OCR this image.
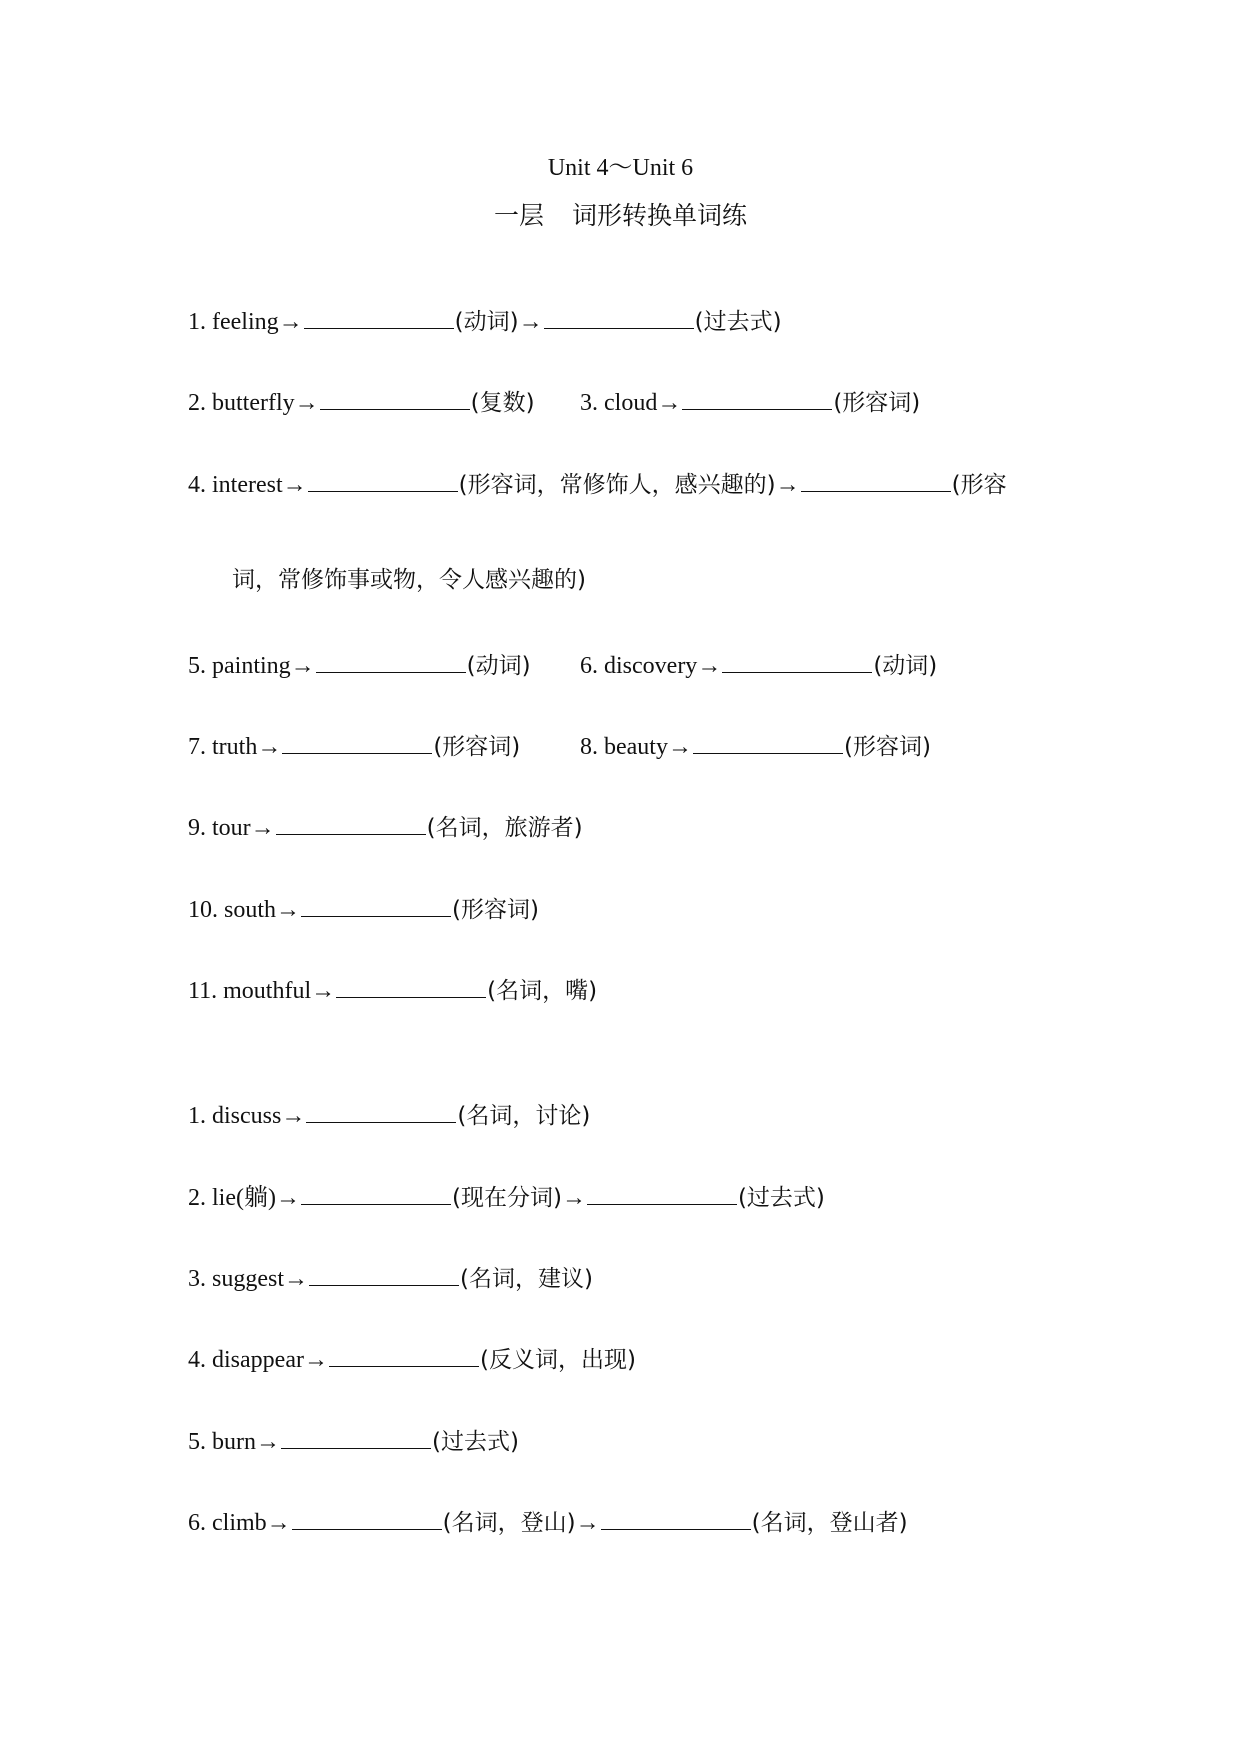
Unit 4～Unit 6
一层 词形转换单词练
1. feeling→	(动词)→	(过去式)
2. butterfly→	(复数) 3. cloud→	(形容词)
4. interest→	(形容词，常修饰人，感兴趣的)→	(形容
词，常修饰事或物，令人感兴趣的)
5. painting→	(动词) 6. discovery→	(动词)
7. truth→	(形容词) 8. beauty→	(形容词)
9. tour→	(名词，旅游者)
10. south→	(形容词)
11. mouthful→	(名词，嘴)
1. discuss→	(名词，讨论)
2. lie(躺)→	(现在分词)→	(过去式)
3. suggest→	(名词，建议)
4. disappear→	(反义词，出现)
5. burn→	(过去式)
6. climb→	(名词，登山)→	(名词，登山者)
